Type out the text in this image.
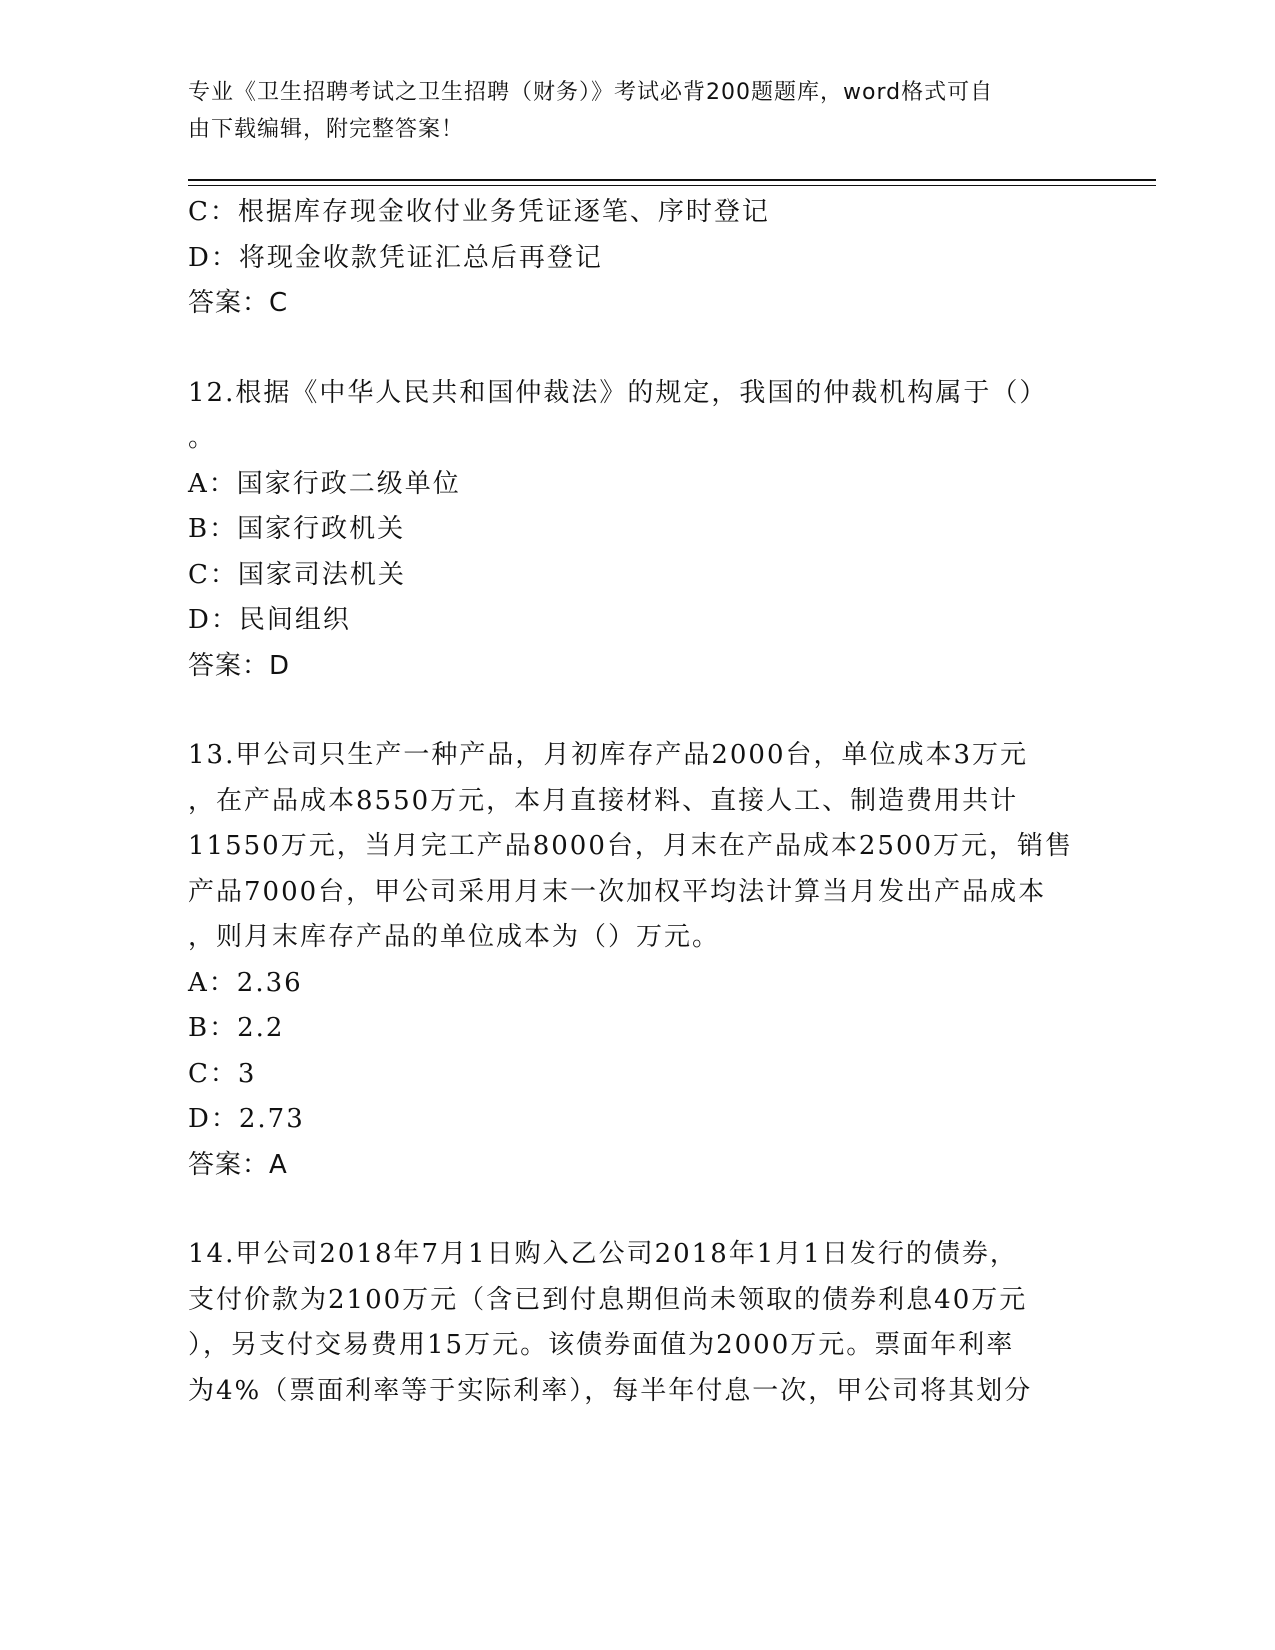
专业《卫生招聘考试之卫生招聘（财务）》考试必背200题题库，word格式可自
由下载编辑，附完整答案！
C：根据库存现金收付业务凭证逐笔、序时登记
D：将现金收款凭证汇总后再登记
答案：C
12.根据《中华人民共和国仲裁法》的规定，我国的仲裁机构属于（）
。
A：国家行政二级单位
B：国家行政机关
C：国家司法机关
D：民间组织
答案：D
13.甲公司只生产一种产品，月初库存产品2000台，单位成本3万元
，在产品成本8550万元，本月直接材料、直接人工、制造费用共计
11550万元，当月完工产品8000台，月末在产品成本2500万元，销售
产品7000台，甲公司采用月末一次加权平均法计算当月发出产品成本
，则月末库存产品的单位成本为（）万元。
A：2.36
B：2.2
C：3
D：2.73
答案：A
14.甲公司2018年7月1日购入乙公司2018年1月1日发行的债券，
支付价款为2100万元（含已到付息期但尚未领取的债券利息40万元
），另支付交易费用15万元。该债券面值为2000万元。票面年利率
为4%（票面利率等于实际利率），每半年付息一次，甲公司将其划分
